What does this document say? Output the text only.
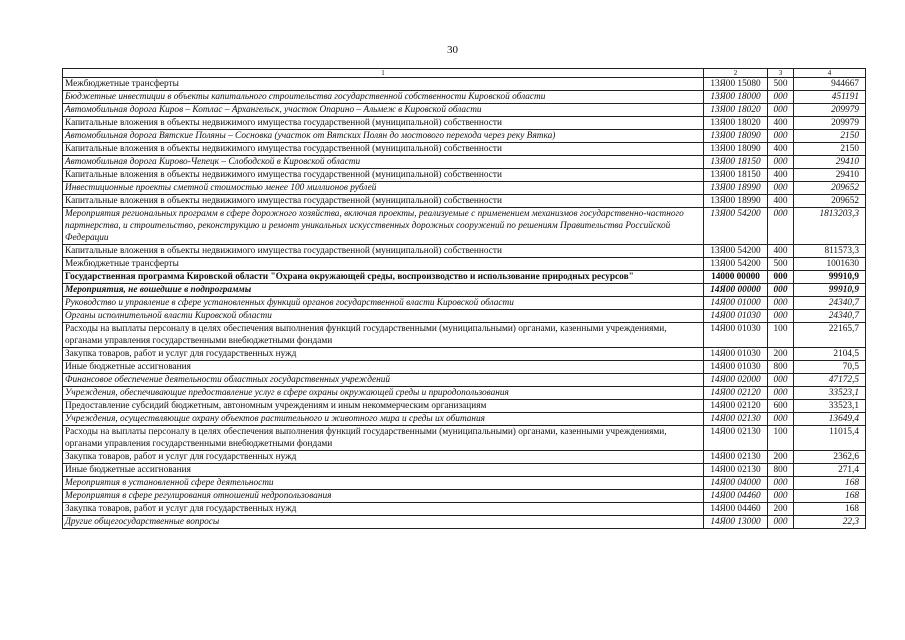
30
1	2	3	4
Межбюджетные трансферты	13Я00 15080	500	944667
Бюджетные инвестиции в объекты капитального строительства государственной собственности Кировской области	13Я00 18000	000	451191
Автомобильная дорога Киров – Котлас – Архангельск, участок Опарино – Альмеж в Кировской области	13Я00 18020	000	209979
Капитальные вложения в объекты недвижимого имущества государственной (муниципальной) собственности	13Я00 18020	400	209979
Автомобильная дорога Вятские Поляны – Сосновка (участок от Вятских Полян до мостового перехода через реку Вятка)	13Я00 18090	000	2150
Капитальные вложения в объекты недвижимого имущества государственной (муниципальной) собственности	13Я00 18090	400	2150
Автомобильная дорога Кирово-Чепецк – Слободской в Кировской области	13Я00 18150	000	29410
Капитальные вложения в объекты недвижимого имущества государственной (муниципальной) собственности	13Я00 18150	400	29410
Инвестиционные проекты сметной стоимостью менее 100 миллионов рублей	13Я00 18990	000	209652
Капитальные вложения в объекты недвижимого имущества государственной (муниципальной) собственности	13Я00 18990	400	209652
Мероприятия региональных программ в сфере дорожного хозяйства, включая проекты, реализуемые с применением механизмов государственно-частного партнерства, и строительство, реконструкцию и ремонт уникальных искусственных дорожных сооружений по решениям Правительства Российской Федерации	13Я00 54200	000	1813203,3
Капитальные вложения в объекты недвижимого имущества государственной (муниципальной) собственности	13Я00 54200	400	811573,3
Межбюджетные трансферты	13Я00 54200	500	1001630
Государственная программа Кировской области "Охрана окружающей среды, воспроизводство и использование природных ресурсов"	14000 00000	000	99910,9
Мероприятия, не вошедшие в подпрограммы	14Я00 00000	000	99910,9
Руководство и управление в сфере установленных функций органов государственной власти Кировской области	14Я00 01000	000	24340,7
Органы исполнительной власти Кировской области	14Я00 01030	000	24340,7
Расходы на выплаты персоналу в целях обеспечения выполнения функций государственными (муниципальными) органами, казенными учреждениями, органами управления государственными внебюджетными фондами	14Я00 01030	100	22165,7
Закупка товаров, работ и услуг для государственных нужд	14Я00 01030	200	2104,5
Иные бюджетные ассигнования	14Я00 01030	800	70,5
Финансовое обеспечение деятельности областных государственных учреждений	14Я00 02000	000	47172,5
Учреждения, обеспечивающие предоставление услуг в сфере охраны окружающей среды и природопользования	14Я00 02120	000	33523,1
Предоставление субсидий бюджетным, автономным учреждениям и иным некоммерческим организациям	14Я00 02120	600	33523,1
Учреждения, осуществляющие охрану объектов растительного и животного мира и среды их обитания	14Я00 02130	000	13649,4
Расходы на выплаты персоналу в целях обеспечения выполнения функций государственными (муниципальными) органами, казенными учреждениями, органами управления государственными внебюджетными фондами	14Я00 02130	100	11015,4
Закупка товаров, работ и услуг для государственных нужд	14Я00 02130	200	2362,6
Иные бюджетные ассигнования	14Я00 02130	800	271,4
Мероприятия в установленной сфере деятельности	14Я00 04000	000	168
Мероприятия в сфере регулирования отношений недропользования	14Я00 04460	000	168
Закупка товаров, работ и услуг для государственных нужд	14Я00 04460	200	168
Другие общегосударственные вопросы	14Я00 13000	000	22,3
